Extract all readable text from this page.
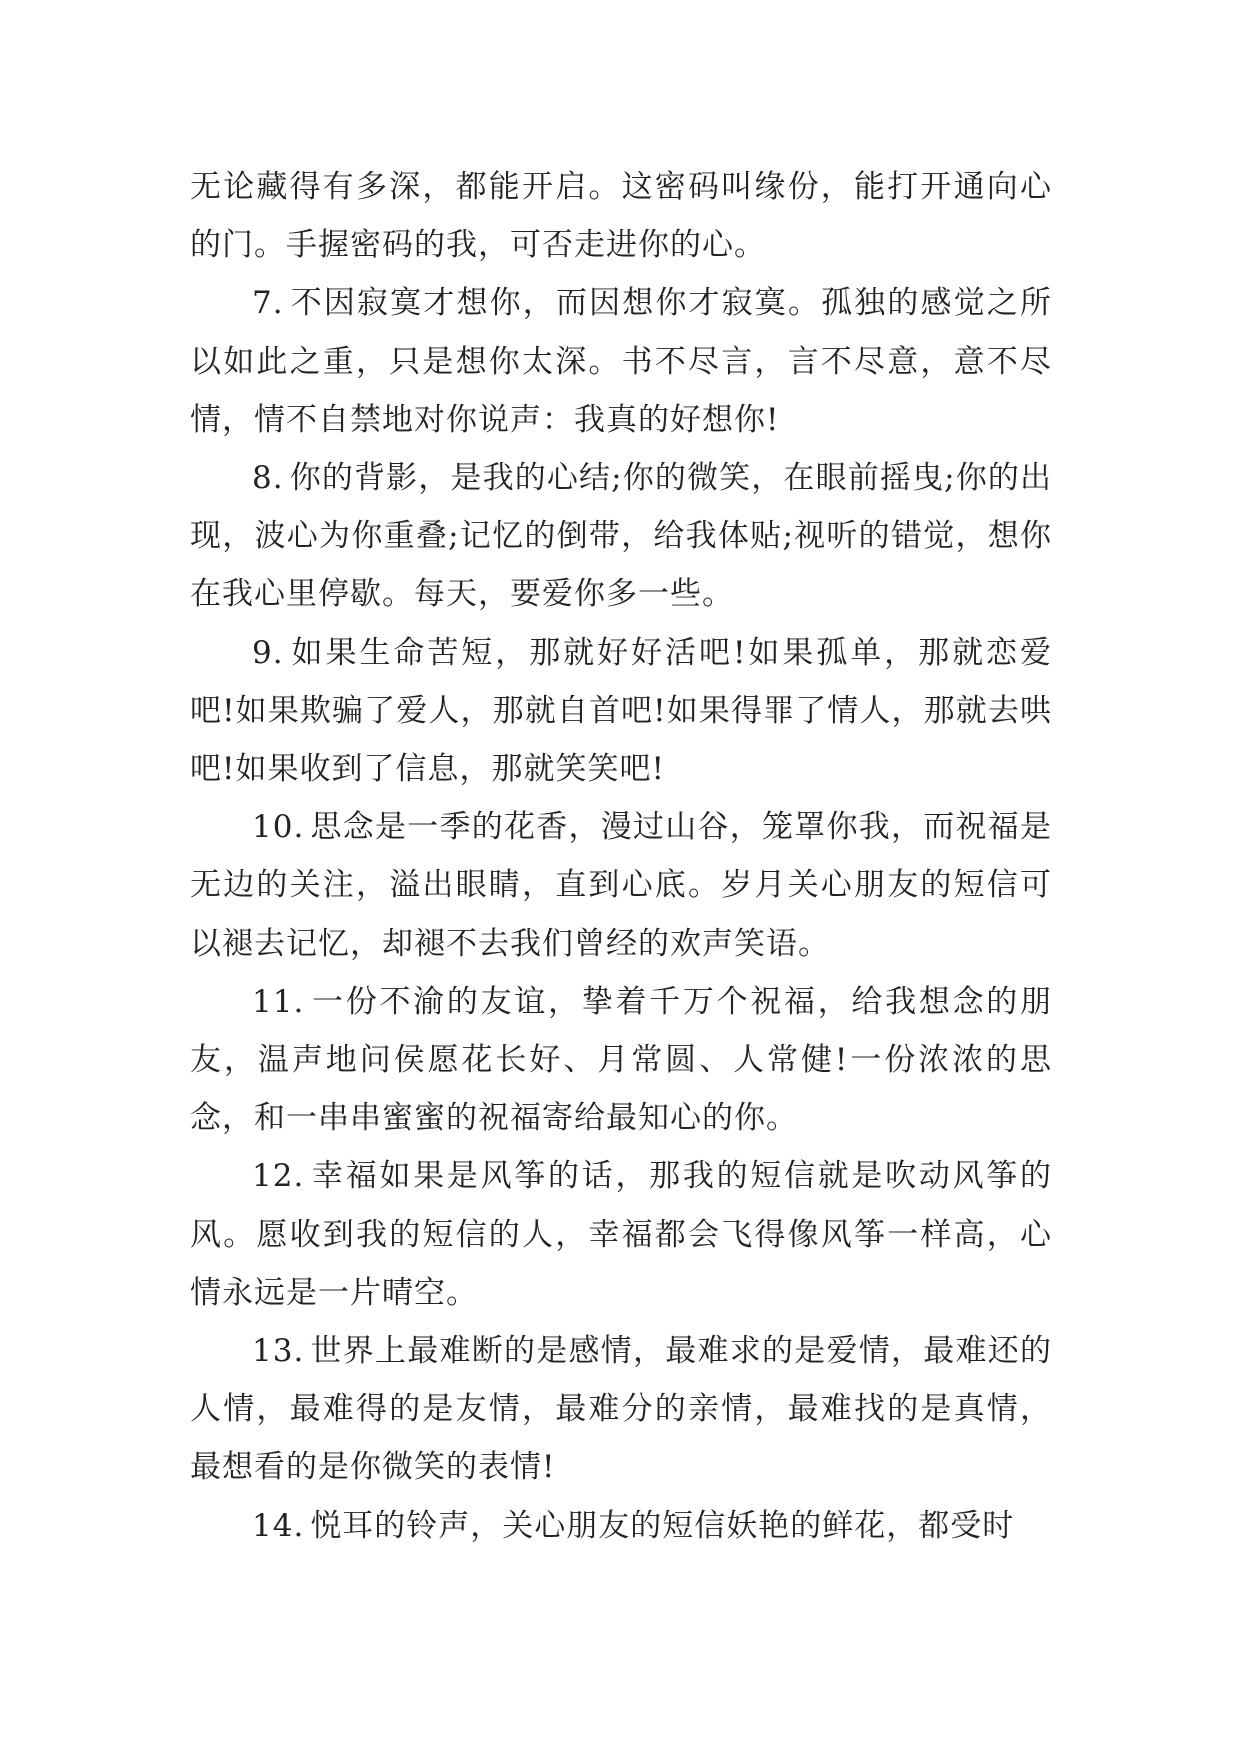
无论藏得有多深，都能开启。这密码叫缘份，能打开通向心的门。手握密码的我，可否走进你的心。

7. 不因寂寞才想你，而因想你才寂寞。孤独的感觉之所以如此之重，只是想你太深。书不尽言，言不尽意，意不尽情，情不自禁地对你说声：我真的好想你!

8. 你的背影，是我的心结;你的微笑，在眼前摇曳;你的出现，波心为你重叠;记忆的倒带，给我体贴;视听的错觉，想你在我心里停歇。每天，要爱你多一些。

9. 如果生命苦短，那就好好活吧!如果孤单，那就恋爱吧!如果欺骗了爱人，那就自首吧!如果得罪了情人，那就去哄吧!如果收到了信息，那就笑笑吧!

10. 思念是一季的花香，漫过山谷，笼罩你我，而祝福是无边的关注，溢出眼睛，直到心底。岁月关心朋友的短信可以褪去记忆，却褪不去我们曾经的欢声笑语。

11. 一份不渝的友谊，挚着千万个祝福，给我想念的朋友，温声地问侯愿花长好、月常圆、人常健!一份浓浓的思念，和一串串蜜蜜的祝福寄给最知心的你。

12. 幸福如果是风筝的话，那我的短信就是吹动风筝的风。愿收到我的短信的人，幸福都会飞得像风筝一样高，心情永远是一片晴空。

13. 世界上最难断的是感情，最难求的是爱情，最难还的人情，最难得的是友情，最难分的亲情，最难找的是真情，最想看的是你微笑的表情!

14. 悦耳的铃声，关心朋友的短信妖艳的鲜花，都受时
